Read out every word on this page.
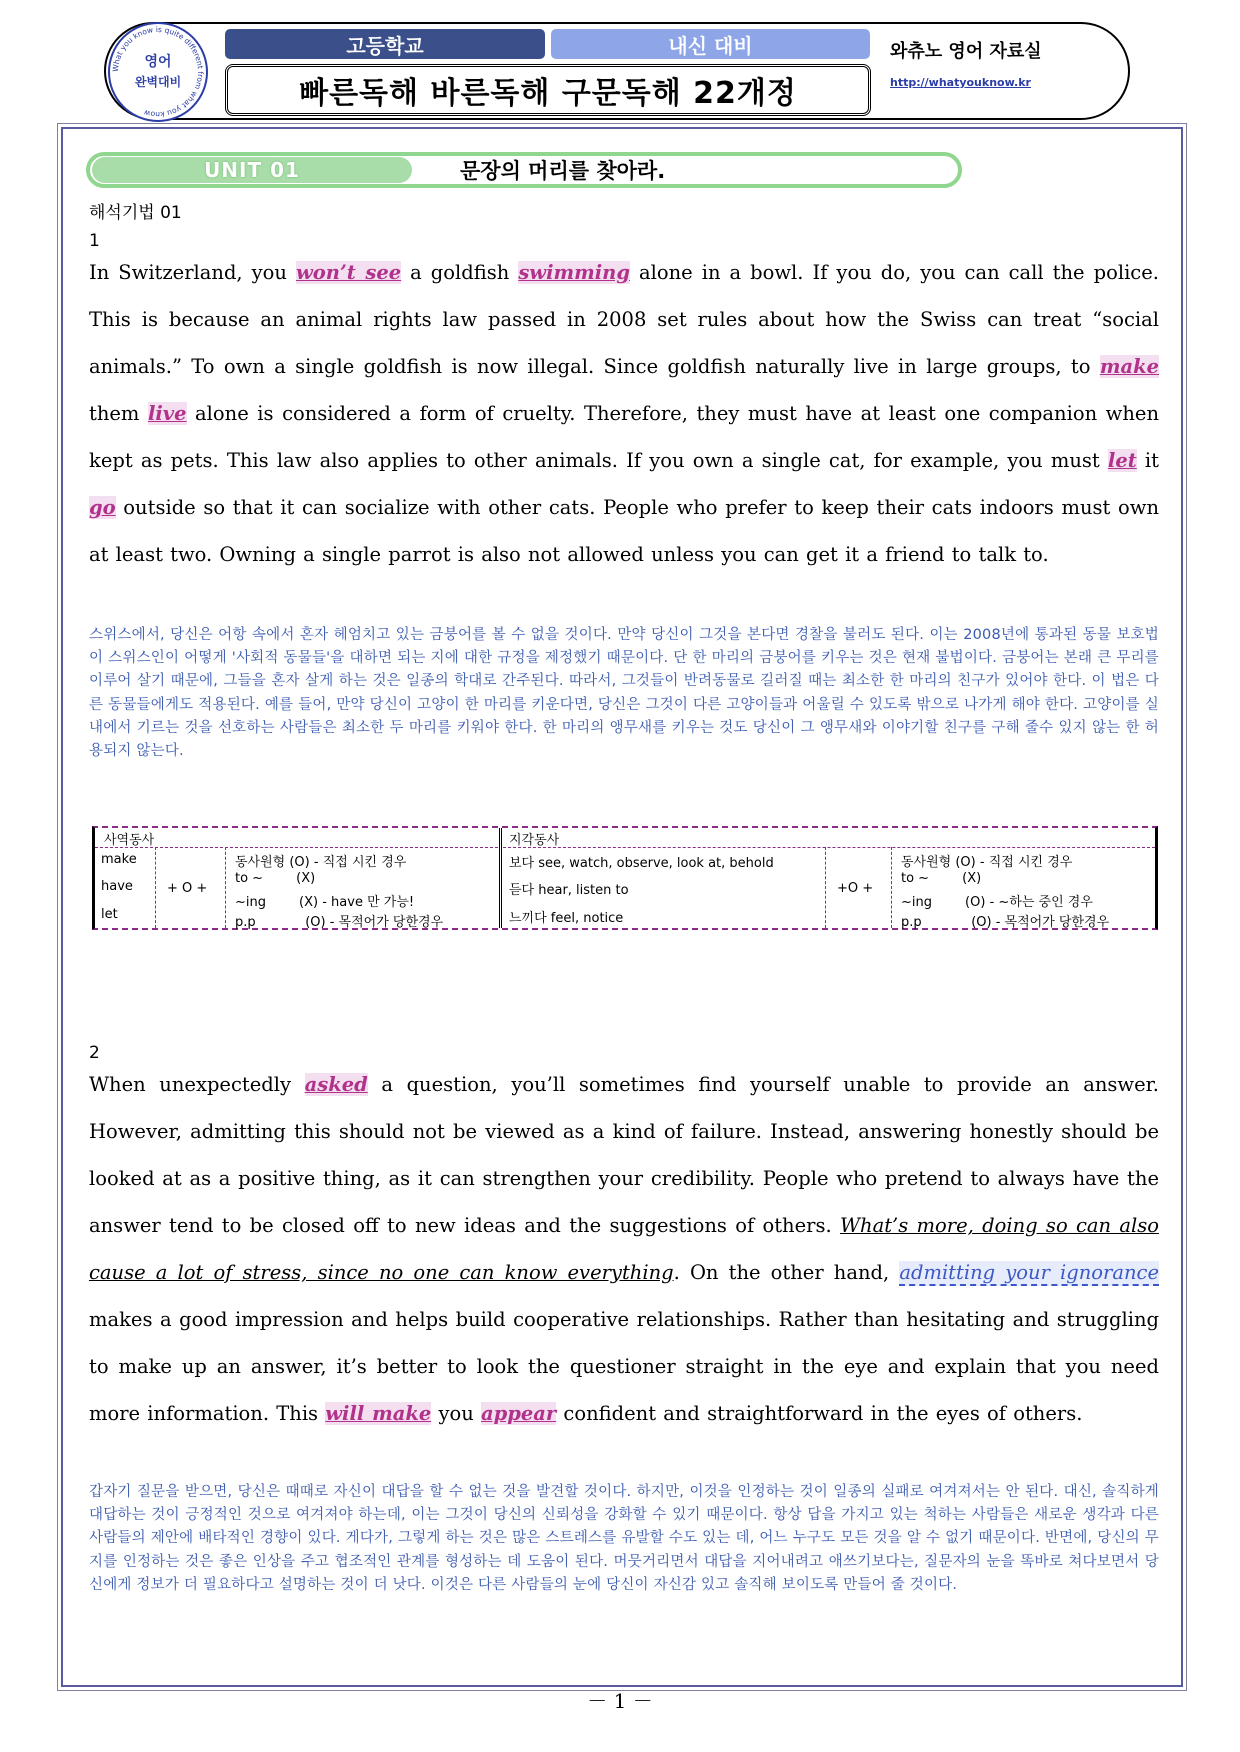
What you know is quite different from what you know
영어
완벽대비
고등학교	내신 대비
빠른독해 바른독해 구문독해 22개정
와츄노 영어 자료실
http://whatyouknow.kr
UNIT 01	문장의 머리를 찾아라.
해석기법 01
1
In Switzerland, you won’t see a goldfish swimming alone in a bowl. If you do, you can call the police. This is because an animal rights law passed in 2008 set rules about how the Swiss can treat “social animals.” To own a single goldfish is now illegal. Since goldfish naturally live in large groups, to make them live alone is considered a form of cruelty. Therefore, they must have at least one companion when kept as pets. This law also applies to other animals. If you own a single cat, for example, you must let it go outside so that it can socialize with other cats. People who prefer to keep their cats indoors must own at least two. Owning a single parrot is also not allowed unless you can get it a friend to talk to.
스위스에서, 당신은 어항 속에서 혼자 헤엄치고 있는 금붕어를 볼 수 없을 것이다. 만약 당신이 그것을 본다면 경찰을 불러도 된다. 이는 2008년에 통과된 동물 보호법이 스위스인이 어떻게 '사회적 동물들'을 대하면 되는 지에 대한 규정을 제정했기 때문이다. 단 한 마리의 금붕어를 키우는 것은 현재 불법이다. 금붕어는 본래 큰 무리를 이루어 살기 때문에, 그들을 혼자 살게 하는 것은 일종의 학대로 간주된다. 따라서, 그것들이 반려동물로 길러질 때는 최소한 한 마리의 친구가 있어야 한다. 이 법은 다른 동물들에게도 적용된다. 예를 들어, 만약 당신이 고양이 한 마리를 키운다면, 당신은 그것이 다른 고양이들과 어울릴 수 있도록 밖으로 나가게 해야 한다. 고양이를 실내에서 기르는 것을 선호하는 사람들은 최소한 두 마리를 키워야 한다. 한 마리의 앵무새를 키우는 것도 당신이 그 앵무새와 이야기할 친구를 구해 줄수 있지 않는 한 허용되지 않는다.
사역동사
make
have
let
+ O +
동사원형 (O) - 직접 시킨 경우
to ~        (X)
~ing        (X) - have 만 가능!
p.p            (O) - 목적어가 당한경우
지각동사
보다 see, watch, observe, look at, behold
듣다 hear, listen to
느끼다 feel, notice
+O +
동사원형 (O) - 직접 시킨 경우
to ~        (X)
~ing        (O) - ~하는 중인 경우
p.p            (O) - 목적어가 당한경우
2
When unexpectedly asked a question, you’ll sometimes find yourself unable to provide an answer. However, admitting this should not be viewed as a kind of failure. Instead, answering honestly should be looked at as a positive thing, as it can strengthen your credibility. People who pretend to always have the answer tend to be closed off to new ideas and the suggestions of others. What’s more, doing so can also cause a lot of stress, since no one can know everything. On the other hand, admitting your ignorance makes a good impression and helps build cooperative relationships. Rather than hesitating and struggling to make up an answer, it’s better to look the questioner straight in the eye and explain that you need more information. This will make you appear confident and straightforward in the eyes of others.
갑자기 질문을 받으면, 당신은 때때로 자신이 대답을 할 수 없는 것을 발견할 것이다. 하지만, 이것을 인정하는 것이 일종의 실패로 여겨져서는 안 된다. 대신, 솔직하게 대답하는 것이 긍정적인 것으로 여겨져야 하는데, 이는 그것이 당신의 신뢰성을 강화할 수 있기 때문이다. 항상 답을 가지고 있는 척하는 사람들은 새로운 생각과 다른 사람들의 제안에 배타적인 경향이 있다. 게다가, 그렇게 하는 것은 많은 스트레스를 유발할 수도 있는 데, 어느 누구도 모든 것을 알 수 없기 때문이다. 반면에, 당신의 무지를 인정하는 것은 좋은 인상을 주고 협조적인 관계를 형성하는 데 도움이 된다. 머뭇거리면서 대답을 지어내려고 애쓰기보다는, 질문자의 눈을 똑바로 쳐다보면서 당신에게 정보가 더 필요하다고 설명하는 것이 더 낫다. 이것은 다른 사람들의 눈에 당신이 자신감 있고 솔직해 보이도록 만들어 줄 것이다.
－ 1 －
